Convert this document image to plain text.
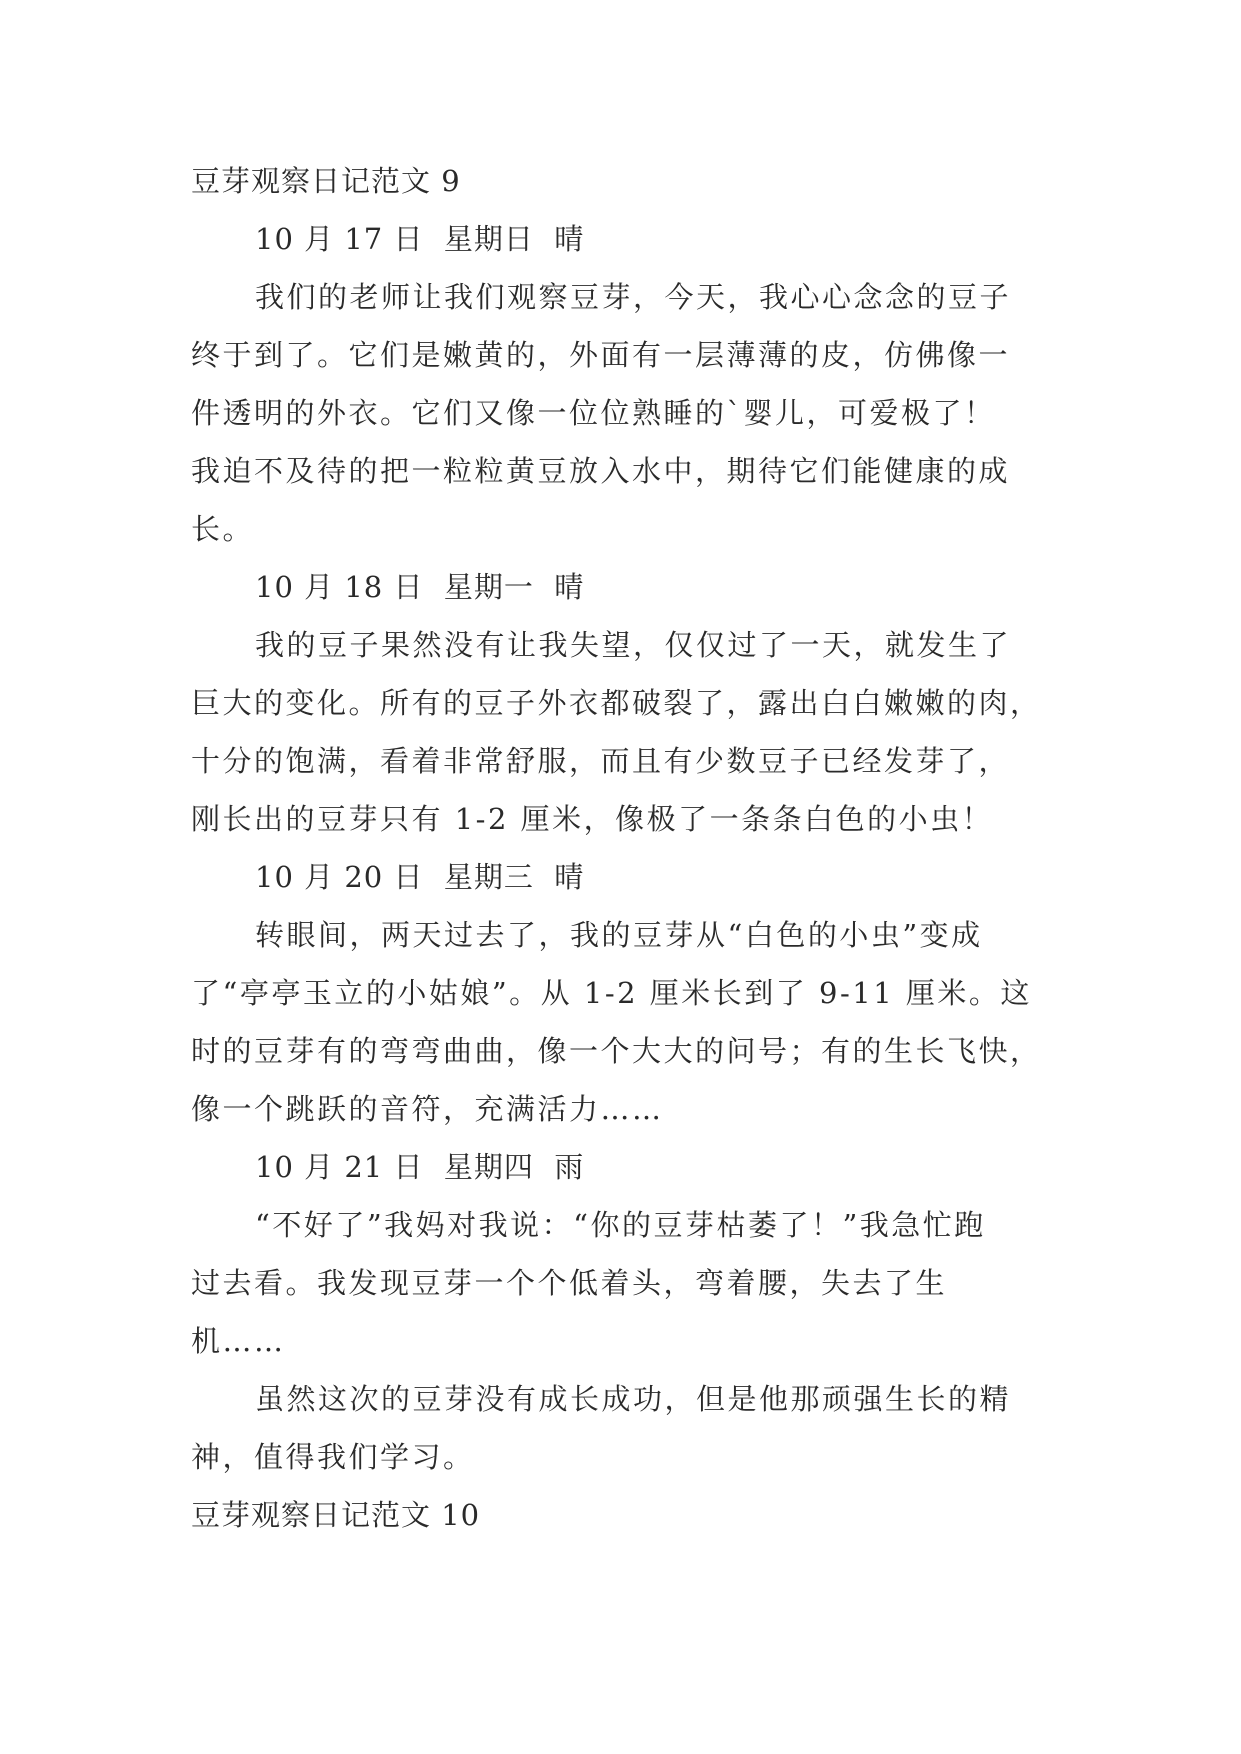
豆芽观察日记范文 9
10 月 17 日  星期日  晴
我们的老师让我们观察豆芽，今天，我心心念念的豆子
终于到了。它们是嫩黄的，外面有一层薄薄的皮，仿佛像一
件透明的外衣。它们又像一位位熟睡的`婴儿，可爱极了！
我迫不及待的把一粒粒黄豆放入水中，期待它们能健康的成
长。
10 月 18 日  星期一  晴
我的豆子果然没有让我失望，仅仅过了一天，就发生了
巨大的变化。所有的豆子外衣都破裂了，露出白白嫩嫩的肉，
十分的饱满，看着非常舒服，而且有少数豆子已经发芽了，
刚长出的豆芽只有 1-2 厘米，像极了一条条白色的小虫！
10 月 20 日  星期三  晴
转眼间，两天过去了，我的豆芽从“白色的小虫”变成
了“亭亭玉立的小姑娘”。从 1-2 厘米长到了 9-11 厘米。这
时的豆芽有的弯弯曲曲，像一个大大的问号；有的生长飞快，
像一个跳跃的音符，充满活力……
10 月 21 日  星期四  雨
“不好了”我妈对我说：“你的豆芽枯萎了！”我急忙跑
过去看。我发现豆芽一个个低着头，弯着腰，失去了生
机……
虽然这次的豆芽没有成长成功，但是他那顽强生长的精
神，值得我们学习。
豆芽观察日记范文 10
